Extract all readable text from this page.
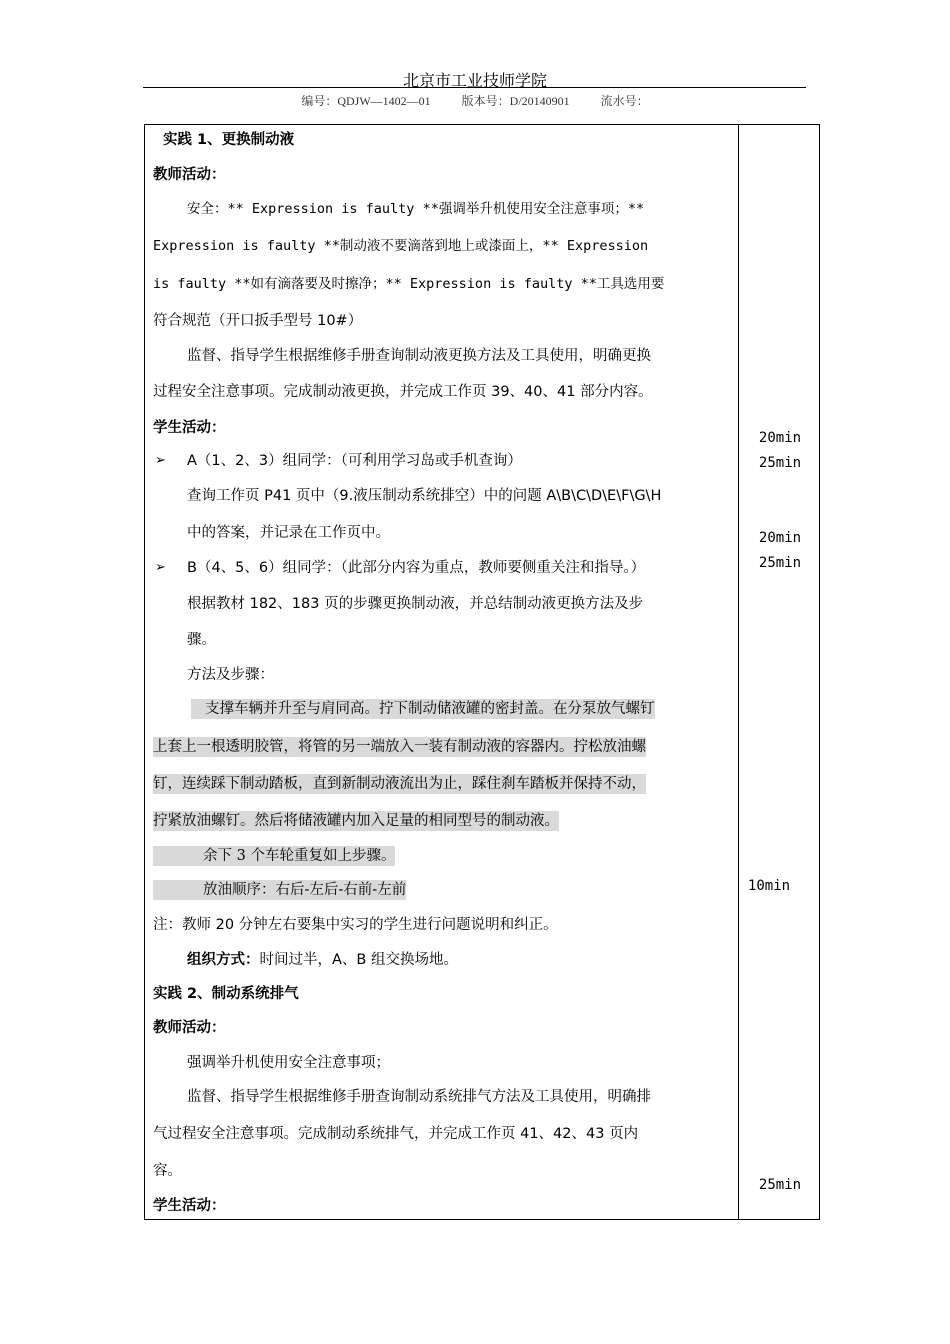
北京市工业技师学院
编号：QDJW—1402—01	版本号：D/20140901	流水号：
实践 1、更换制动液
教师活动：
安全：** Expression is faulty **强调举升机使用安全注意事项；**
Expression is faulty **制动液不要滴落到地上或漆面上，** Expression
is faulty **如有滴落要及时擦净；** Expression is faulty **工具选用要
符合规范（开口扳手型号 10#）
监督、指导学生根据维修手册查询制动液更换方法及工具使用，明确更换
过程安全注意事项。完成制动液更换，并完成工作页 39、40、41 部分内容。
学生活动：
➢ A（1、2、3）组同学：（可利用学习岛或手机查询）
查询工作页 P41 页中（9.液压制动系统排空）中的问题 A\B\C\D\E\F\G\H
中的答案，并记录在工作页中。
➢ B（4、5、6）组同学：（此部分内容为重点，教师要侧重关注和指导。）
根据教材 182、183 页的步骤更换制动液，并总结制动液更换方法及步
骤。
方法及步骤：
支撑车辆并升至与肩同高。拧下制动储液罐的密封盖。在分泵放气螺钉
上套上一根透明胶管，将管的另一端放入一装有制动液的容器内。拧松放油螺
钉，连续踩下制动踏板，直到新制动液流出为止，踩住刹车踏板并保持不动，
拧紧放油螺钉。然后将储液罐内加入足量的相同型号的制动液。
余下 3 个车轮重复如上步骤。
放油顺序：右后-左后-右前-左前
注：教师 20 分钟左右要集中实习的学生进行问题说明和纠正。
组织方式：时间过半，A、B 组交换场地。
实践 2、制动系统排气
教师活动：
强调举升机使用安全注意事项；
监督、指导学生根据维修手册查询制动系统排气方法及工具使用，明确排
气过程安全注意事项。完成制动系统排气，并完成工作页 41、42、43 页内
容。
学生活动：
20min
25min
20min
25min
10min
25min
